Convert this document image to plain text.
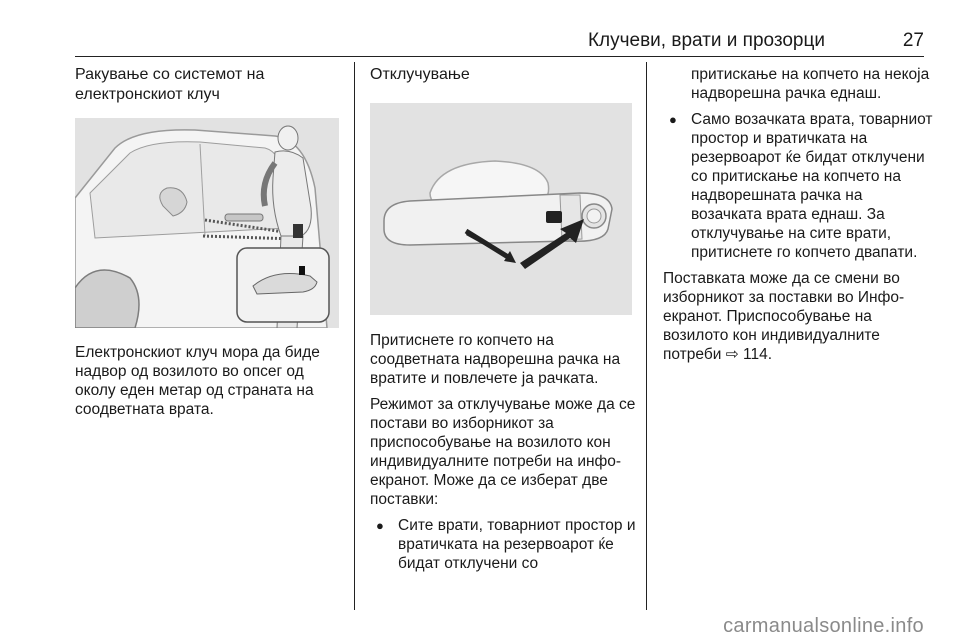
Клучеви, врати и прозорци	27
Ракување со системот на
електронскиот клуч

Електронскиот клуч мора да биде надвор од возилото во опсег од околу еден метар од страната на соодветната врата.

Отклучување

Притиснете го копчето на соодветната надворешна рачка на вратите и повлечете ја рачката.

Режимот за отклучување може да се постави во изборникот за приспособување на возилото кон индивидуалните потреби на инфо-екранот. Може да се изберат две поставки:

● Сите врати, товарниот простор и вратичката на резервоарот ќе бидат отклучени со
притискање на копчето на некоја надворешна рачка еднаш.
● Само возачката врата, товарниот простор и вратичката на резервоарот ќе бидат отклучени со притискање на копчето на надворешната рачка на возачката врата еднаш. За отклучување на сите врати, притиснете го копчето двапати.

Поставката може да се смени во изборникот за поставки во Инфо-екранот. Приспособување на возилото кон индивидуалните потреби ⇨ 114.

carmanualsonline.info
